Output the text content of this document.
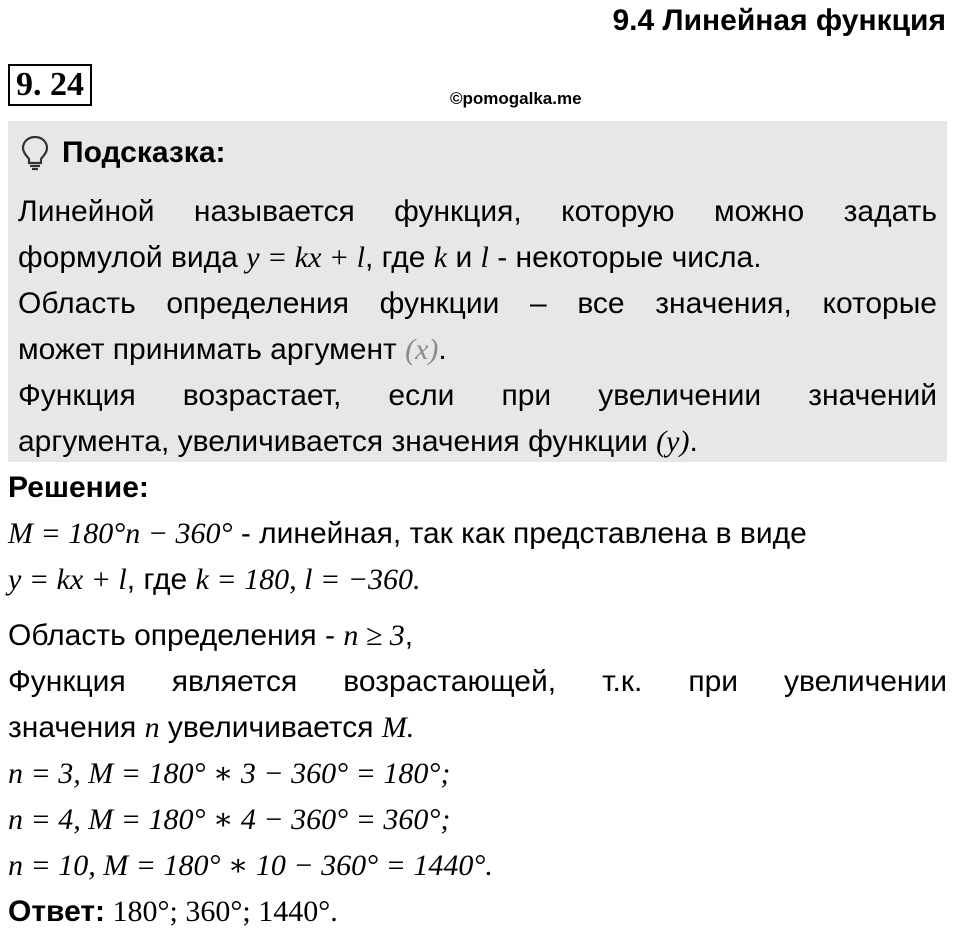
9.4 Линейная функция
9. 24	©pomogalka.me
Подсказка:
Линейной называется функция, которую можно задать
формулой вида y = kx + l, где k и l - некоторые числа.
Область определения функции – все значения, которые
может принимать аргумент (x).
Функция возрастает, если при увеличении значений
аргумента, увеличивается значения функции (y).
Решение:
M = 180°n − 360° - линейная, так как представлена в виде
y = kx + l, где k = 180, l = −360.
Область определения - n ≥ 3,
Функция является возрастающей, т.к. при увеличении
значения n увеличивается M.
n = 3, M = 180° ∗ 3 − 360° = 180°;
n = 4, M = 180° ∗ 4 − 360° = 360°;
n = 10, M = 180° ∗ 10 − 360° = 1440°.
Ответ: 180°; 360°; 1440°.
